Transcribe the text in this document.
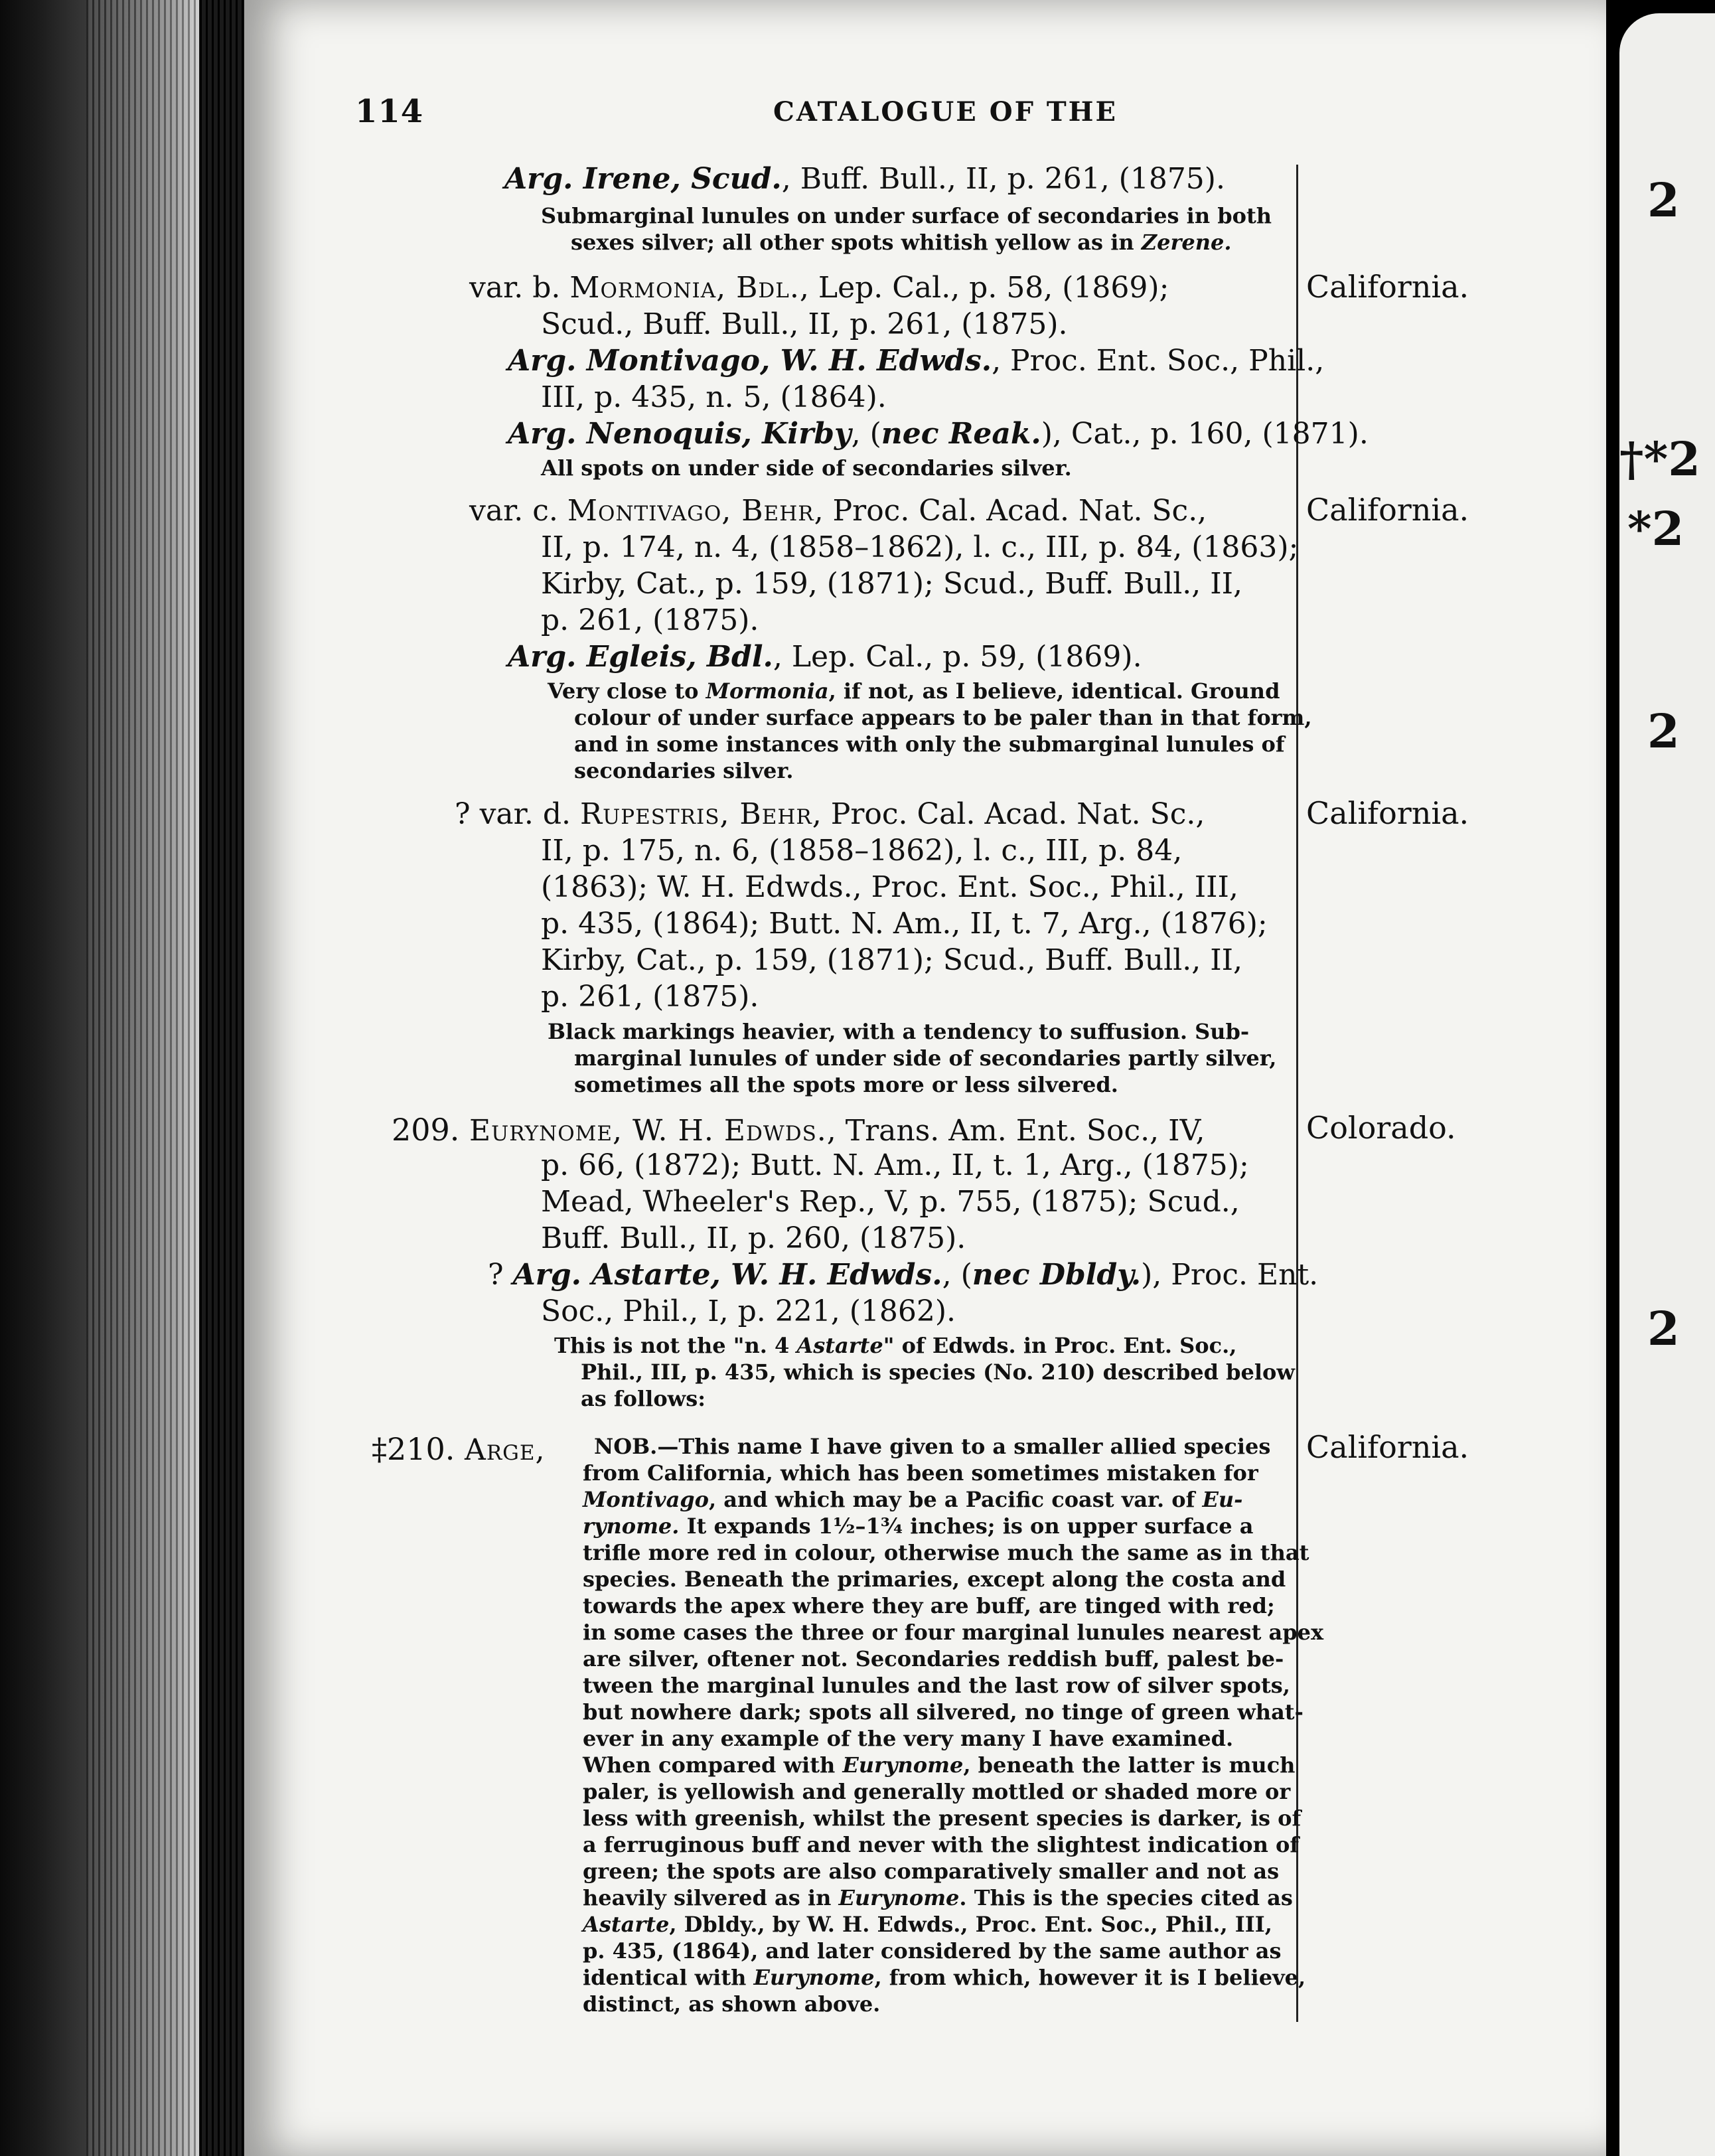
2
†*2
*2
2
2
114	CATALOGUE OF THE
Arg. Irene, Scud., Buff. Bull., II, p. 261, (1875).
Submarginal lunules on under surface of secondaries in both
sexes silver; all other spots whitish yellow as in Zerene.
var. b. Mormonia, Bdl., Lep. Cal., p. 58, (1869);
Scud., Buff. Bull., II, p. 261, (1875).
Arg. Montivago, W. H. Edwds., Proc. Ent. Soc., Phil.,
III, p. 435, n. 5, (1864).
Arg. Nenoquis, Kirby, (nec Reak.), Cat., p. 160, (1871).
All spots on under side of secondaries silver.
California.
var. c. Montivago, Behr, Proc. Cal. Acad. Nat. Sc.,
II, p. 174, n. 4, (1858–1862), l. c., III, p. 84, (1863);
Kirby, Cat., p. 159, (1871); Scud., Buff. Bull., II,
p. 261, (1875).
Arg. Egleis, Bdl., Lep. Cal., p. 59, (1869).
Very close to Mormonia, if not, as I believe, identical. Ground
colour of under surface appears to be paler than in that form,
and in some instances with only the submarginal lunules of
secondaries silver.
California.
? var. d. Rupestris, Behr, Proc. Cal. Acad. Nat. Sc.,
II, p. 175, n. 6, (1858–1862), l. c., III, p. 84,
(1863); W. H. Edwds., Proc. Ent. Soc., Phil., III,
p. 435, (1864); Butt. N. Am., II, t. 7, Arg., (1876);
Kirby, Cat., p. 159, (1871); Scud., Buff. Bull., II,
p. 261, (1875).
Black markings heavier, with a tendency to suffusion. Sub-
marginal lunules of under side of secondaries partly silver,
sometimes all the spots more or less silvered.
California.
209. Eurynome, W. H. Edwds., Trans. Am. Ent. Soc., IV,
p. 66, (1872); Butt. N. Am., II, t. 1, Arg., (1875);
Mead, Wheeler's Rep., V, p. 755, (1875); Scud.,
Buff. Bull., II, p. 260, (1875).
? Arg. Astarte, W. H. Edwds., (nec Dbldy.), Proc. Ent.
Soc., Phil., I, p. 221, (1862).
This is not the "n. 4 Astarte" of Edwds. in Proc. Ent. Soc.,
Phil., III, p. 435, which is species (No. 210) described below
as follows:
Colorado.
‡210. Arge, NOB.—This name I have given to a smaller allied species
from California, which has been sometimes mistaken for
Montivago, and which may be a Pacific coast var. of Eu-
rynome. It expands 1½–1¾ inches; is on upper surface a
trifle more red in colour, otherwise much the same as in that
species. Beneath the primaries, except along the costa and
towards the apex where they are buff, are tinged with red;
in some cases the three or four marginal lunules nearest apex
are silver, oftener not. Secondaries reddish buff, palest be-
tween the marginal lunules and the last row of silver spots,
but nowhere dark; spots all silvered, no tinge of green what-
ever in any example of the very many I have examined.
When compared with Eurynome, beneath the latter is much
paler, is yellowish and generally mottled or shaded more or
less with greenish, whilst the present species is darker, is of
a ferruginous buff and never with the slightest indication of
green; the spots are also comparatively smaller and not as
heavily silvered as in Eurynome. This is the species cited as
Astarte, Dbldy., by W. H. Edwds., Proc. Ent. Soc., Phil., III,
p. 435, (1864), and later considered by the same author as
identical with Eurynome, from which, however it is I believe,
distinct, as shown above.
California.
